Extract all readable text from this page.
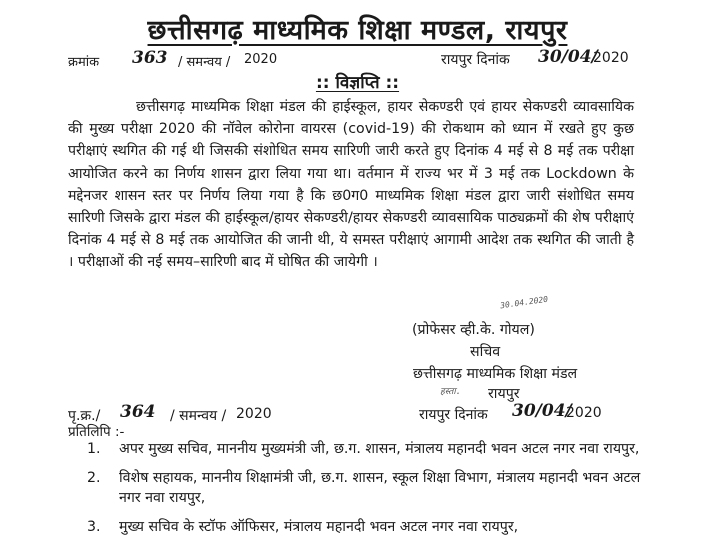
छत्तीसगढ़ माध्यमिक शिक्षा मण्डल, रायपुर
क्रमांक 363 / समन्वय / 2020	रायपुर दिनांक 30/04/
2020
:: विज्ञप्ति ::
छत्तीसगढ़ माध्यमिक शिक्षा मंडल की हाईस्कूल, हायर सेकण्डरी एवं हायर सेकण्डरी व्यावसायिक की मुख्य परीक्षा 2020 की नॉवेल कोरोना वायरस (covid-19) की रोकथाम को ध्यान में रखते हुए कुछ परीक्षाएं स्थगित की गई थी जिसकी संशोधित समय सारिणी जारी करते हुए दिनांक 4 मई से 8 मई तक परीक्षा आयोजित करने का निर्णय शासन द्वारा लिया गया था। वर्तमान में राज्य भर में 3 मई तक Lockdown के मद्देनजर शासन स्तर पर निर्णय लिया गया है कि छ0ग0 माध्यमिक शिक्षा मंडल द्वारा जारी संशोधित समय सारिणी जिसके द्वारा मंडल की हाईस्कूल/हायर सेकण्डरी/हायर सेकण्डरी व्यावसायिक पाठ्यक्रमों की शेष परीक्षाएं दिनांक 4 मई से 8 मई तक आयोजित की जानी थी, ये समस्त परीक्षाएं आगामी आदेश तक स्थगित की जाती है । परीक्षाओं की नई समय–सारिणी बाद में घोषित की जायेगी ।
30.04.2020
(प्रोफेसर व्ही.के. गोयल)
सचिव
छत्तीसगढ़ माध्यमिक शिक्षा मंडल
हस्ता. रायपुर
पृ.क्र./ 364 / समन्वय / 2020	रायपुर दिनांक 30/04/
2020
प्रतिलिपि :-
1.	अपर मुख्य सचिव, माननीय मुख्यमंत्री जी, छ.ग. शासन, मंत्रालय महानदी भवन अटल नगर नवा रायपुर,
2.	विशेष सहायक, माननीय शिक्षामंत्री जी, छ.ग. शासन, स्कूल शिक्षा विभाग, मंत्रालय महानदी भवन अटल नगर नवा रायपुर,
3.	मुख्य सचिव के स्टॉफ ऑफिसर, मंत्रालय महानदी भवन अटल नगर नवा रायपुर,
